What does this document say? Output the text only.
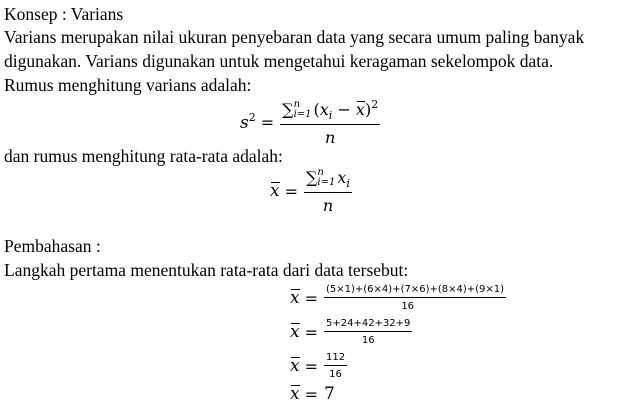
Konsep : Varians
Varians merupakan nilai ukuran penyebaran data yang secara umum paling banyak
digunakan. Varians digunakan untuk mengetahui keragaman sekelompok data.
Rumus menghitung varians adalah:
$s^2$ = ∑ n
i=1 $(x_i - x)^2$
n
dan rumus menghitung rata-rata adalah:
x = ∑ n
i=1 $x_i$
n
Pembahasan :
Langkah pertama menentukan rata-rata dari data tersebut:
$x = \frac{(5\times 1)+(6\times 4)+(7\times 6)+(8\times 4)+(9\times 1)}{16}$
$x = \frac{5+24+42+32+9}{16}$
$x = \frac{112}{16}$
x = 7
